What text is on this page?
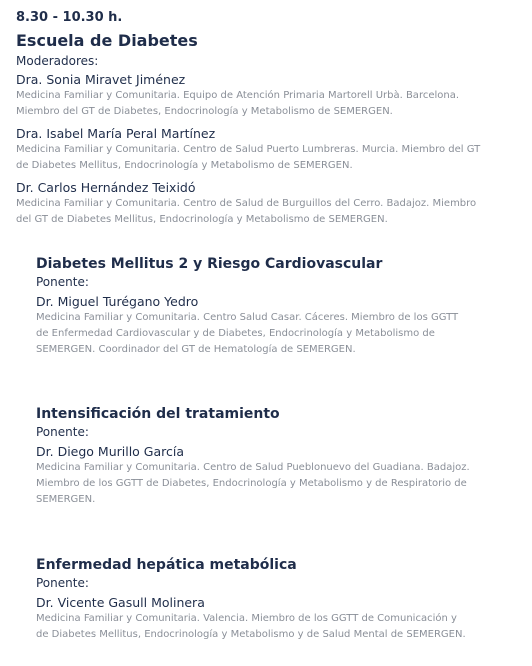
8.30 - 10.30 h.

Escuela de Diabetes

Moderadores:

Dra. Sonia Miravet Jiménez

Medicina Familiar y Comunitaria. Equipo de Atención Primaria Martorell Urbà. Barcelona.

Miembro del GT de Diabetes, Endocrinología y Metabolismo de SEMERGEN.

Dra. Isabel María Peral Martínez

Medicina Familiar y Comunitaria. Centro de Salud Puerto Lumbreras. Murcia. Miembro del GT

de Diabetes Mellitus, Endocrinología y Metabolismo de SEMERGEN.

Dr. Carlos Hernández Teixidó

Medicina Familiar y Comunitaria. Centro de Salud de Burguillos del Cerro. Badajoz. Miembro

del GT de Diabetes Mellitus, Endocrinología y Metabolismo de SEMERGEN.

Diabetes Mellitus 2 y Riesgo Cardiovascular

Ponente:

Dr. Miguel Turégano Yedro

Medicina Familiar y Comunitaria. Centro Salud Casar. Cáceres. Miembro de los GGTT

de Enfermedad Cardiovascular y de Diabetes, Endocrinología y Metabolismo de

SEMERGEN. Coordinador del GT de Hematología de SEMERGEN.

Intensificación del tratamiento

Ponente:

Dr. Diego Murillo García

Medicina Familiar y Comunitaria. Centro de Salud Pueblonuevo del Guadiana. Badajoz.

Miembro de los GGTT de Diabetes, Endocrinología y Metabolismo y de Respiratorio de

SEMERGEN.

Enfermedad hepática metabólica

Ponente:

Dr. Vicente Gasull Molinera

Medicina Familiar y Comunitaria. Valencia. Miembro de los GGTT de Comunicación y

de Diabetes Mellitus, Endocrinología y Metabolismo y de Salud Mental de SEMERGEN.
